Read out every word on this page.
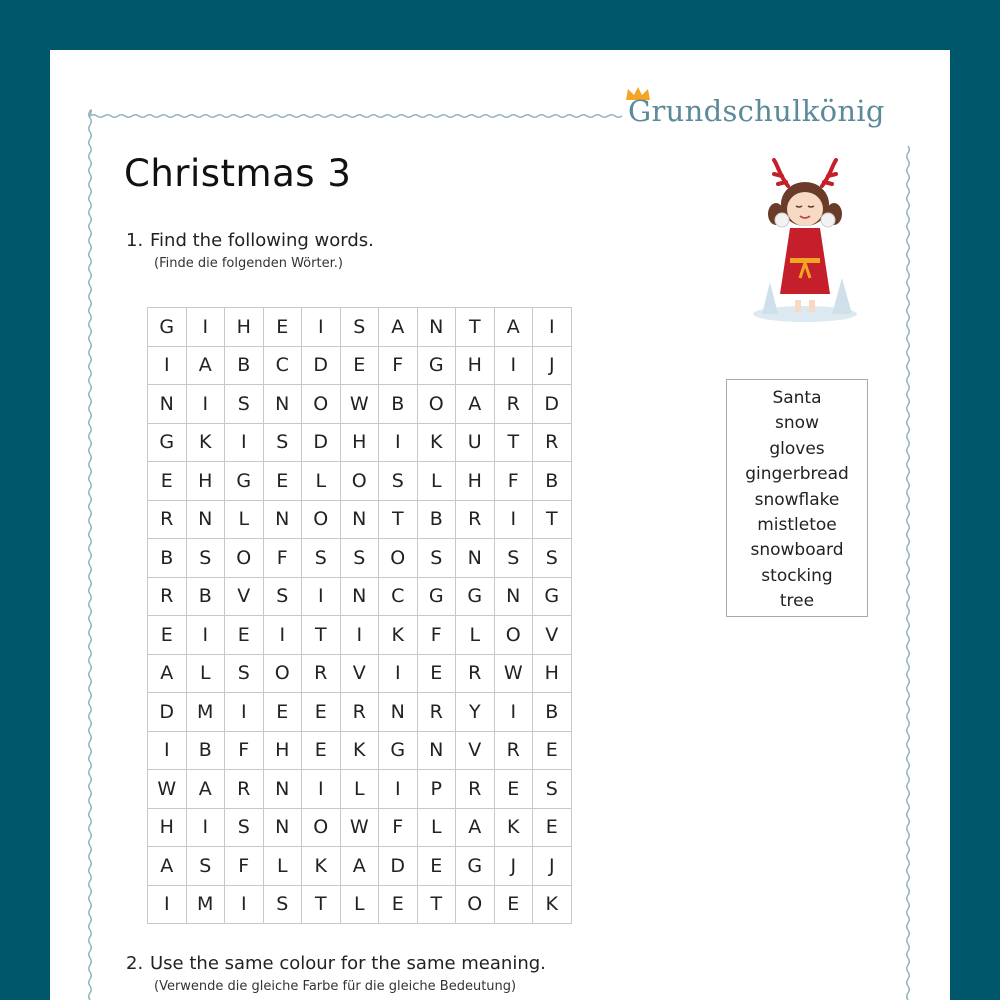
Grundschulkönig
Christmas 3
1. Find the following words.
(Finde die folgenden Wörter.)
G	I	H	E	I	S	A	N	T	A	I
I	A	B	C	D	E	F	G	H	I	J
N	I	S	N	O	W	B	O	A	R	D
G	K	I	S	D	H	I	K	U	T	R
E	H	G	E	L	O	S	L	H	F	B
R	N	L	N	O	N	T	B	R	I	T
B	S	O	F	S	S	O	S	N	S	S
R	B	V	S	I	N	C	G	G	N	G
E	I	E	I	T	I	K	F	L	O	V
A	L	S	O	R	V	I	E	R	W	H
D	M	I	E	E	R	N	R	Y	I	B
I	B	F	H	E	K	G	N	V	R	E
W	A	R	N	I	L	I	P	R	E	S
H	I	S	N	O	W	F	L	A	K	E
A	S	F	L	K	A	D	E	G	J	J
I	M	I	S	T	L	E	T	O	E	K
Santa
snow
gloves
gingerbread
snowflake
mistletoe
snowboard
stocking
tree
2. Use the same colour for the same meaning.
(Verwende die gleiche Farbe für die gleiche Bedeutung)
